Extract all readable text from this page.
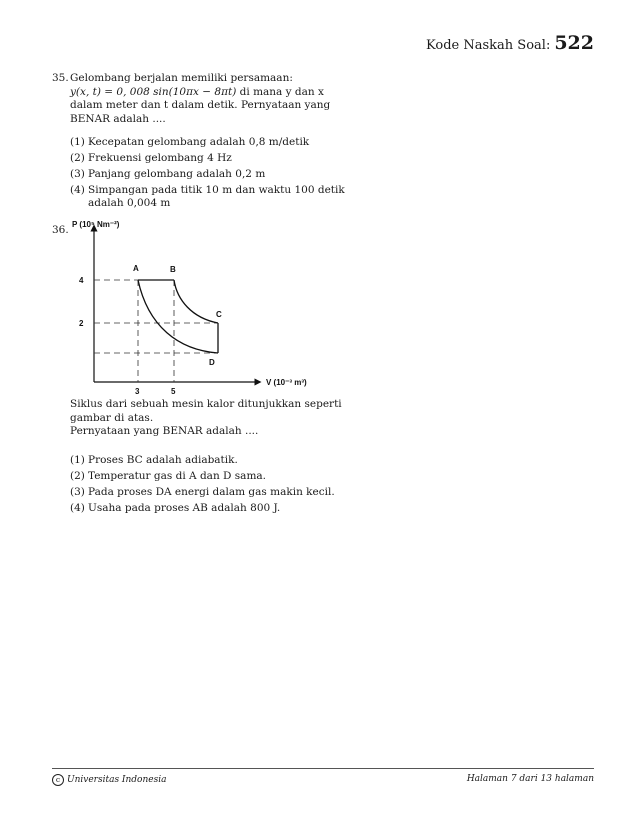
Kode Naskah Soal: 522
35. Gelombang berjalan memiliki persamaan:
y(x, t) = 0, 008 sin(10πx − 8πt) di mana y dan x
dalam meter dan t dalam detik. Pernyataan yang
BENAR adalah ....
(1) Kecepatan gelombang adalah 0,8 m/detik
(2) Frekuensi gelombang 4 Hz
(3) Panjang gelombang adalah 0,2 m
(4) Simpangan pada titik 10 m dan waktu 100 detik
adalah 0,004 m
36. P (10⁵ Nm⁻²)
V (10⁻³ m³)
4
2
3	5
A	B
C
D
Siklus dari sebuah mesin kalor ditunjukkan seperti
gambar di atas.
Pernyataan yang BENAR adalah ....
(1) Proses BC adalah adiabatik.
(2) Temperatur gas di A dan D sama.
(3) Pada proses DA energi dalam gas makin kecil.
(4) Usaha pada proses AB adalah 800 J.
c Universitas Indonesia	Halaman 7 dari 13 halaman
